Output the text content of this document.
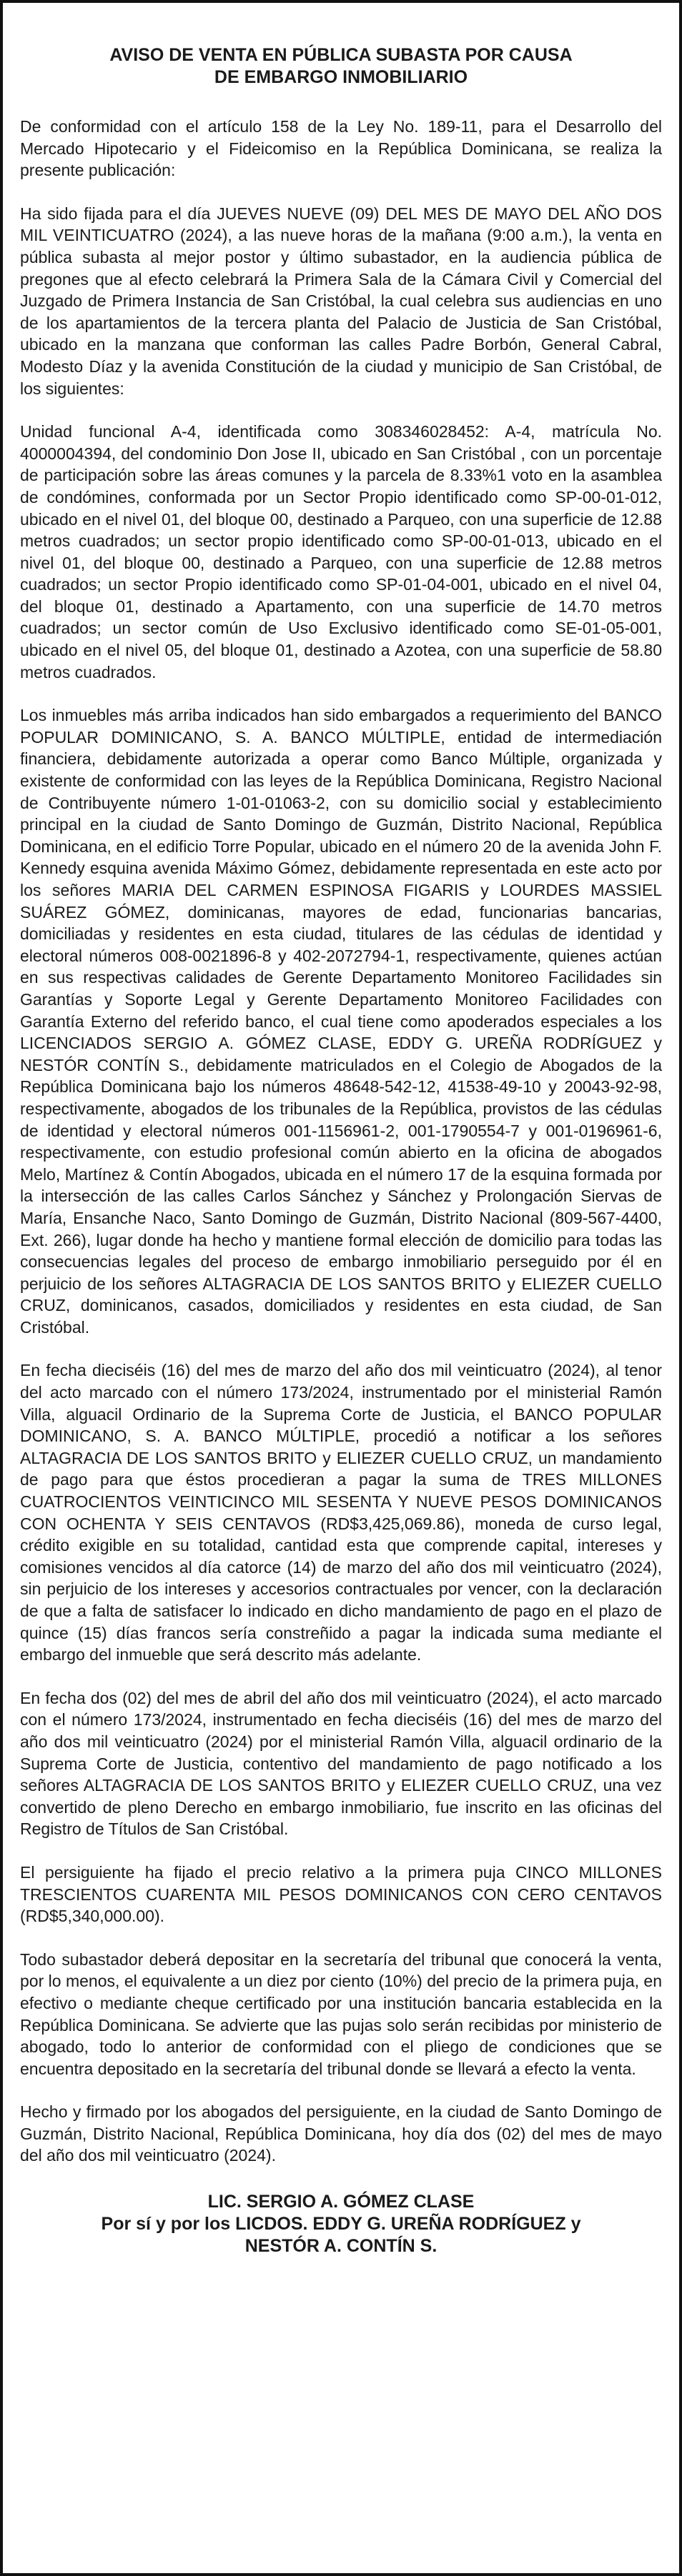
AVISO DE VENTA EN PÚBLICA SUBASTA POR CAUSA
DE EMBARGO INMOBILIARIO

De conformidad con el artículo 158 de la Ley No. 189-11, para el Desarrollo del Mercado Hipotecario y el Fideicomiso en la República Dominicana, se realiza la presente publicación:

Ha sido fijada para el día JUEVES NUEVE (09) DEL MES DE MAYO DEL AÑO DOS MIL VEINTICUATRO (2024), a las nueve horas de la mañana (9:00 a.m.), la venta en pública subasta al mejor postor y último subastador, en la audiencia pública de pregones que al efecto celebrará la Primera Sala de la Cámara Civil y Comercial del Juzgado de Primera Instancia de San Cristóbal, la cual celebra sus audiencias en uno de los apartamientos de la tercera planta del Palacio de Justicia de San Cristóbal, ubicado en la manzana que conforman las calles Padre Borbón, General Cabral, Modesto Díaz y la avenida Constitución de la ciudad y municipio de San Cristóbal, de los siguientes:

Unidad funcional A-4, identificada como 308346028452: A-4, matrícula No. 4000004394, del condominio Don Jose II, ubicado en San Cristóbal , con un porcentaje de participación sobre las áreas comunes y la parcela de 8.33%1 voto en la asamblea de condómines, conformada por un Sector Propio identificado como SP-00-01-012, ubicado en el nivel 01, del bloque 00, destinado a Parqueo, con una superficie de 12.88 metros cuadrados; un sector propio identificado como SP-00-01-013, ubicado en el nivel 01, del bloque 00, destinado a Parqueo, con una superficie de 12.88 metros cuadrados; un sector Propio identificado como SP-01-04-001, ubicado en el nivel 04, del bloque 01, destinado a Apartamento, con una superficie de 14.70 metros cuadrados; un sector común de Uso Exclusivo identificado como SE-01-05-001, ubicado en el nivel 05, del bloque 01, destinado a Azotea, con una superficie de 58.80 metros cuadrados.

Los inmuebles más arriba indicados han sido embargados a requerimiento del BANCO POPULAR DOMINICANO, S. A. BANCO MÚLTIPLE, entidad de intermediación financiera, debidamente autorizada a operar como Banco Múltiple, organizada y existente de conformidad con las leyes de la República Dominicana, Registro Nacional de Contribuyente número 1-01-01063-2, con su domicilio social y establecimiento principal en la ciudad de Santo Domingo de Guzmán, Distrito Nacional, República Dominicana, en el edificio Torre Popular, ubicado en el número 20 de la avenida John F. Kennedy esquina avenida Máximo Gómez, debidamente representada en este acto por los señores MARIA DEL CARMEN ESPINOSA FIGARIS y LOURDES MASSIEL SUÁREZ GÓMEZ, dominicanas, mayores de edad, funcionarias bancarias, domiciliadas y residentes en esta ciudad, titulares de las cédulas de identidad y electoral números 008-0021896-8 y 402-2072794-1, respectivamente, quienes actúan en sus respectivas calidades de Gerente Departamento Monitoreo Facilidades sin Garantías y Soporte Legal y Gerente Departamento Monitoreo Facilidades con Garantía Externo del referido banco, el cual tiene como apoderados especiales a los LICENCIADOS SERGIO A. GÓMEZ CLASE, EDDY G. UREÑA RODRÍGUEZ y NESTÓR CONTÍN S., debidamente matriculados en el Colegio de Abogados de la República Dominicana bajo los números 48648-542-12, 41538-49-10 y 20043-92-98, respectivamente, abogados de los tribunales de la República, provistos de las cédulas de identidad y electoral números 001-1156961-2, 001-1790554-7 y 001-0196961-6, respectivamente, con estudio profesional común abierto en la oficina de abogados Melo, Martínez & Contín Abogados, ubicada en el número 17 de la esquina formada por la intersección de las calles Carlos Sánchez y Sánchez y Prolongación Siervas de María, Ensanche Naco, Santo Domingo de Guzmán, Distrito Nacional (809-567-4400, Ext. 266), lugar donde ha hecho y mantiene formal elección de domicilio para todas las consecuencias legales del proceso de embargo inmobiliario perseguido por él en perjuicio de los señores ALTAGRACIA DE LOS SANTOS BRITO y ELIEZER CUELLO CRUZ, dominicanos, casados, domiciliados y residentes en esta ciudad, de San Cristóbal.

En fecha dieciséis (16) del mes de marzo del año dos mil veinticuatro (2024), al tenor del acto marcado con el número 173/2024, instrumentado por el ministerial Ramón Villa, alguacil Ordinario de la Suprema Corte de Justicia, el BANCO POPULAR DOMINICANO, S. A. BANCO MÚLTIPLE, procedió a notificar a los señores ALTAGRACIA DE LOS SANTOS BRITO y ELIEZER CUELLO CRUZ, un mandamiento de pago para que éstos procedieran a pagar la suma de TRES MILLONES CUATROCIENTOS VEINTICINCO MIL SESENTA Y NUEVE PESOS DOMINICANOS CON OCHENTA Y SEIS CENTAVOS (RD$3,425,069.86), moneda de curso legal, crédito exigible en su totalidad, cantidad esta que comprende capital, intereses y comisiones vencidos al día catorce (14) de marzo del año dos mil veinticuatro (2024), sin perjuicio de los intereses y accesorios contractuales por vencer, con la declaración de que a falta de satisfacer lo indicado en dicho mandamiento de pago en el plazo de quince (15) días francos sería constreñido a pagar la indicada suma mediante el embargo del inmueble que será descrito más adelante.

En fecha dos (02) del mes de abril del año dos mil veinticuatro (2024), el acto marcado con el número 173/2024, instrumentado en fecha dieciséis (16) del mes de marzo del año dos mil veinticuatro (2024) por el ministerial Ramón Villa, alguacil ordinario de la Suprema Corte de Justicia, contentivo del mandamiento de pago notificado a los señores ALTAGRACIA DE LOS SANTOS BRITO y ELIEZER CUELLO CRUZ, una vez convertido de pleno Derecho en embargo inmobiliario, fue inscrito en las oficinas del Registro de Títulos de San Cristóbal.

El persiguiente ha fijado el precio relativo a la primera puja CINCO MILLONES TRESCIENTOS CUARENTA MIL PESOS DOMINICANOS CON CERO CENTAVOS (RD$5,340,000.00).

Todo subastador deberá depositar en la secretaría del tribunal que conocerá la venta, por lo menos, el equivalente a un diez por ciento (10%) del precio de la primera puja, en efectivo o mediante cheque certificado por una institución bancaria establecida en la República Dominicana. Se advierte que las pujas solo serán recibidas por ministerio de abogado, todo lo anterior de conformidad con el pliego de condiciones que se encuentra depositado en la secretaría del tribunal donde se llevará a efecto la venta.

Hecho y firmado por los abogados del persiguiente, en la ciudad de Santo Domingo de Guzmán, Distrito Nacional, República Dominicana, hoy día dos (02) del mes de mayo del año dos mil veinticuatro (2024).

LIC. SERGIO A. GÓMEZ CLASE
Por sí y por los LICDOS. EDDY G. UREÑA RODRÍGUEZ y
NESTÓR A. CONTÍN S.
